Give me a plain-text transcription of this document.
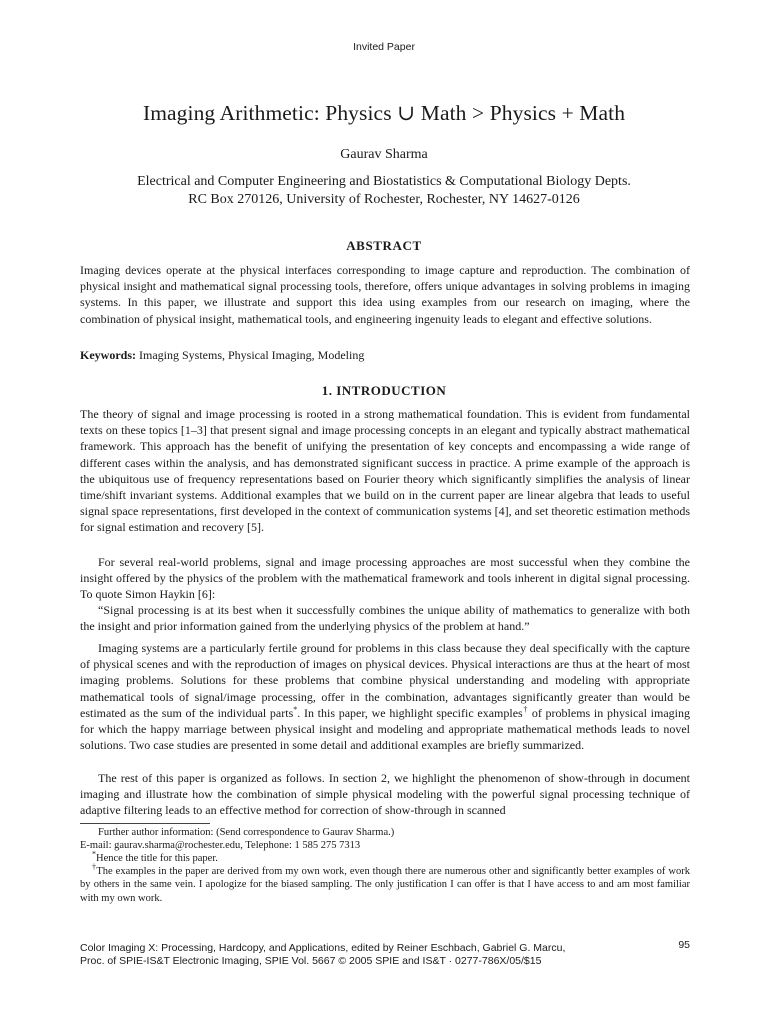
Invited Paper
Imaging Arithmetic: Physics ∪ Math > Physics + Math
Gaurav Sharma
Electrical and Computer Engineering and Biostatistics & Computational Biology Depts.
RC Box 270126, University of Rochester, Rochester, NY 14627-0126
ABSTRACT

Imaging devices operate at the physical interfaces corresponding to image capture and reproduction. The combination of physical insight and mathematical signal processing tools, therefore, offers unique advantages in solving problems in imaging systems. In this paper, we illustrate and support this idea using examples from our research on imaging, where the combination of physical insight, mathematical tools, and engineering ingenuity leads to elegant and effective solutions.

Keywords: Imaging Systems, Physical Imaging, Modeling

1. INTRODUCTION

The theory of signal and image processing is rooted in a strong mathematical foundation. This is evident from fundamental texts on these topics [1–3] that present signal and image processing concepts in an elegant and typically abstract mathematical framework. This approach has the benefit of unifying the presentation of key concepts and encompassing a wide range of different cases within the analysis, and has demonstrated significant success in practice. A prime example of the approach is the ubiquitous use of frequency representations based on Fourier theory which significantly simplifies the analysis of linear time/shift invariant systems. Additional examples that we build on in the current paper are linear algebra that leads to useful signal space representations, first developed in the context of communication systems [4], and set theoretic estimation methods for signal estimation and recovery [5].

For several real-world problems, signal and image processing approaches are most successful when they combine the insight offered by the physics of the problem with the mathematical framework and tools inherent in digital signal processing. To quote Simon Haykin [6]:

“Signal processing is at its best when it successfully combines the unique ability of mathematics to generalize with both the insight and prior information gained from the underlying physics of the problem at hand.”

Imaging systems are a particularly fertile ground for problems in this class because they deal specifically with the capture of physical scenes and with the reproduction of images on physical devices. Physical interactions are thus at the heart of most imaging problems. Solutions for these problems that combine physical understanding and modeling with appropriate mathematical tools of signal/image processing, offer in the combination, advantages significantly greater than would be estimated as the sum of the individual parts*. In this paper, we highlight specific examples† of problems in physical imaging for which the happy marriage between physical insight and modeling and appropriate mathematical methods leads to novel solutions. Two case studies are presented in some detail and additional examples are briefly summarized.

The rest of this paper is organized as follows. In section 2, we highlight the phenomenon of show-through in document imaging and illustrate how the combination of simple physical modeling with the powerful signal processing technique of adaptive filtering leads to an effective method for correction of show-through in scanned

Further author information: (Send correspondence to Gaurav Sharma.)

E-mail: gaurav.sharma@rochester.edu, Telephone: 1 585 275 7313

*Hence the title for this paper.

†The examples in the paper are derived from my own work, even though there are numerous other and significantly better examples of work by others in the same vein. I apologize for the biased sampling. The only justification I can offer is that I have access to and am most familiar with my own work.

Color Imaging X: Processing, Hardcopy, and Applications, edited by Reiner Eschbach, Gabriel G. Marcu,
Proc. of SPIE-IS&T Electronic Imaging, SPIE Vol. 5667 © 2005 SPIE and IS&T · 0277-786X/05/$15
95
